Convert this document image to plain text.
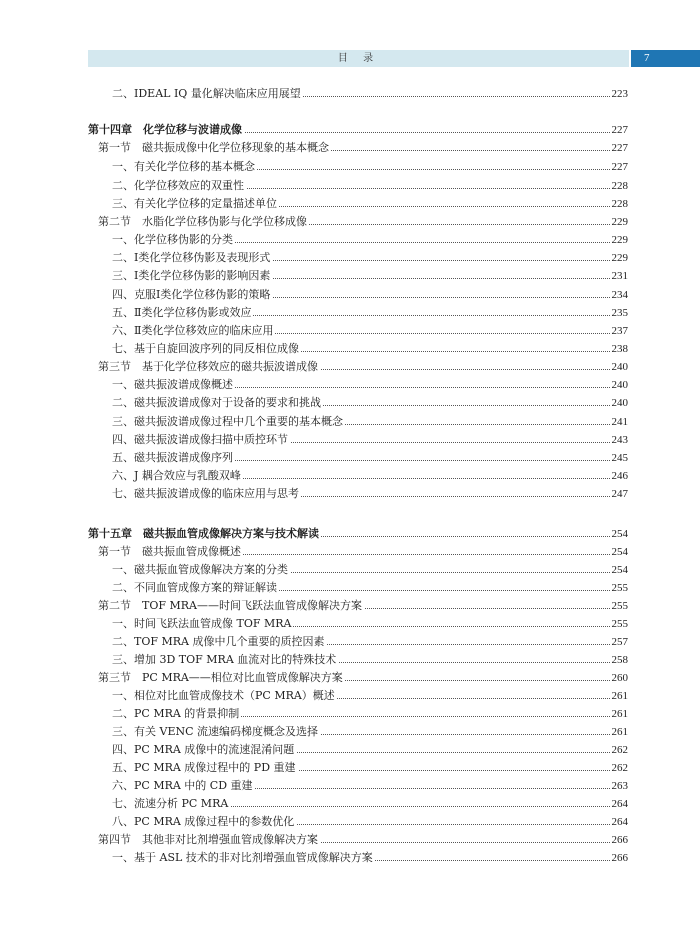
目 录	7
二、IDEAL IQ 量化解决临床应用展望	223
第十四章　化学位移与波谱成像	227
第一节　磁共振成像中化学位移现象的基本概念	227
一、有关化学位移的基本概念	227
二、化学位移效应的双重性	228
三、有关化学位移的定量描述单位	228
第二节　水脂化学位移伪影与化学位移成像	229
一、化学位移伪影的分类	229
二、Ⅰ类化学位移伪影及表现形式	229
三、Ⅰ类化学位移伪影的影响因素	231
四、克服Ⅰ类化学位移伪影的策略	234
五、Ⅱ类化学位移伪影或效应	235
六、Ⅱ类化学位移效应的临床应用	237
七、基于自旋回波序列的同反相位成像	238
第三节　基于化学位移效应的磁共振波谱成像	240
一、磁共振波谱成像概述	240
二、磁共振波谱成像对于设备的要求和挑战	240
三、磁共振波谱成像过程中几个重要的基本概念	241
四、磁共振波谱成像扫描中质控环节	243
五、磁共振波谱成像序列	245
六、J 耦合效应与乳酸双峰	246
七、磁共振波谱成像的临床应用与思考	247
第十五章　磁共振血管成像解决方案与技术解读	254
第一节　磁共振血管成像概述	254
一、磁共振血管成像解决方案的分类	254
二、不同血管成像方案的辩证解读	255
第二节　TOF MRA——时间飞跃法血管成像解决方案	255
一、时间飞跃法血管成像 TOF MRA	255
二、TOF MRA 成像中几个重要的质控因素	257
三、增加 3D TOF MRA 血流对比的特殊技术	258
第三节　PC MRA——相位对比血管成像解决方案	260
一、相位对比血管成像技术（PC MRA）概述	261
二、PC MRA 的背景抑制	261
三、有关 VENC 流速编码梯度概念及选择	261
四、PC MRA 成像中的流速混淆问题	262
五、PC MRA 成像过程中的 PD 重建	262
六、PC MRA 中的 CD 重建	263
七、流速分析 PC MRA	264
八、PC MRA 成像过程中的参数优化	264
第四节　其他非对比剂增强血管成像解决方案	266
一、基于 ASL 技术的非对比剂增强血管成像解决方案	266
